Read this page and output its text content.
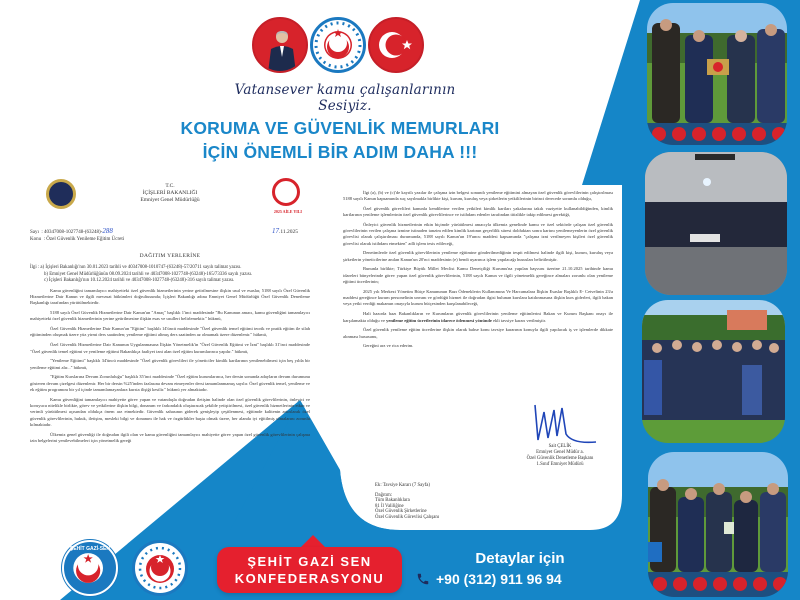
Vatansever kamu çalışanlarının Sesiyiz.
KORUMA VE GÜVENLİK MEMURLARI
İÇİN ÖNEMLİ BİR ADIM DAHA !!!
T.C.
İÇİŞLERİ BAKANLIĞI
Emniyet Genel Müdürlüğü
2025 AİLE YILI
Sayı : 40347008-1027748-(63248)-288
Konu : Özel Güvenlik Yenileme Eğitim Ücreti
17.11.2025
DAĞITIM YERLERİNE
İlgi : a) İçişleri Bakanlığı'nın 30.01.2023 tarihli ve 40347008-1010747-(63248)-57/20711 sayılı talimat yazısı.
b) Emniyet Genel Müdürlüğünün 08.09.2024 tarihli ve 40347008-1027748-(63248)-165/73336 sayılı yazısı.
c) İçişleri Bakanlığı'nın 10.12.2024 tarihli ve 40347008-1027748-(63248)-316 sayılı talimat yazısı.

Kamu güvenliğini tamamlayıcı mahiyetteki özel güvenlik hizmetlerinin yerine getirilmesine ilişkin usul ve esaslar, 5188 sayılı Özel Güvenlik Hizmetlerine Dair Kanun ve ilgili mevzuat hükümleri doğrultusunda; İçişleri Bakanlığı adına Emniyet Genel Müdürlüğü Özel Güvenlik Denetleme Başkanlığı tarafından yürütülmektedir.

5188 sayılı Özel Güvenlik Hizmetlerine Dair Kanun'un "Amaç" başlıklı 1'inci maddesinde "Bu Kanunun amacı, kamu güvenliğini tamamlayıcı mahiyetteki özel güvenlik hizmetlerinin yerine getirilmesine ilişkin esas ve usulleri belirlemektir." hükmü,

Özel Güvenlik Hizmetlerine Dair Kanun'un "Eğitim" başlıklı 14'üncü maddesinde "Özel güvenlik temel eğitimi teorik ve pratik eğitim ile silah eğitiminden oluşmak üzere yüz yirmi ders saatinden; yenileme eğitimi altmış ders saatinden az olmamak üzere düzenlenir." hükmü,

Özel Güvenlik Hizmetlerine Dair Kanunun Uygulanmasına İlişkin Yönetmelik'in "Özel Güvenlik Eğitimi ve İzni" başlıklı 31'inci maddesinde "Özel güvenlik temel eğitimi ve yenileme eğitimi Bakanlıkça faaliyet izni alan özel eğitim kurumlarınca yapılır." hükmü,

"Yenileme Eğitimi" başlıklı 34'üncü maddesinde "Özel güvenlik görevlileri ile yöneticiler kimlik kartlarının yenilenebilmesi için beş yılda bir yenileme eğitimi alır..." hükmü,

"Eğitim Kurslarına Devam Zorunluluğu" başlıklı 35'inci maddesinde "Özel eğitim kurumlarınca, her dersin sonunda adayların devam durumunu gösteren devam çizelgesi düzenlenir. Her bir dersin %25'inden fazlasına devam etmeyenler dersi tamamlanmamış sayılır. Özel güvenlik temel, yenileme ve ek eğitim programını bir yıl içinde tamamlamayanlara kursta ilişiği kesilir." hükmü yer almaktadır.

Kamu güvenliğini tamamlayıcı mahiyette görev yapan ve vatandaşla doğrudan iletişim halinde olan özel güvenlik görevlilerinin, önleyici ve koruyucu nitelikle birlikte, görev ve yetkilerine ilişkin bilgi, donanım ve farkındalık oluşturacak şekilde yetiştirilmesi, özel güvenlik hizmetlerinin etkin ve verimli yürütülmesi açısından oldukça önem arz etmektedir. Güvenlik sahasının giderek genişleyip çeşitlenmesi, eğitimde kalitenin artırılarak özel güvenlik görevlilerinin, hukuk, iletişim, mesleki bilgi ve donanım ile hak ve özgürlükler başta olmak üzere, her alanda iyi eğitilmiş olmalarını zorunlu kılmaktadır.

Ülkemiz genel güvenliği ile doğrudan ilgili olan ve kamu güvenliğini tamamlayıcı mahiyette görev yapan özel güvenlik görevlilerinin çalışma izin belgelerini yenilevebilmeleri için yönetmelik gereği

İlgi (a), (b) ve (c)'de kayıtlı yazılar ile çalışma izin belgesi sonundı yenileme eğitimini almayan özel güvenlik görevlilerinin çalıştırılması 5188 sayılı Kanun kapsamında suç sayılmakla birlikte kişi, kurum, kuruluş veya şirketlerin yetkililerinin birinci derecede sorumlu olduğu,

Özel güvenlik görevlileri kanunla kendilerine verilen yetkileri kimlik kartları yakalarına takılı vaziyette kullanabildiğinden, kimlik kartlarının yenileme işlemlerinin özel güvenlik görevlilerince ve istihdam edenler tarafından titizlikle takip edilmesi gerektiği,

Önleyici güvenlik hizmetlerinin etkin biçimde yürütülmesi amacıyla ülkemiz genelinde kamu ve özel sektörde çalışan özel güvenlik görevlilerinin verilen çalışma izmine istinaden tanzim edilen kimlik kartının geçerlilik süresi dolduktan sonra kartını yenilemeyenlerin özel güvenlik görevlisi olarak çalıştırılması durumunda, 5188 sayılı Kanun'un 19'uncu maddesi kapsamında "çalışma izni verilmeyen kişileri özel güvenlik görevlisi olarak istihdam etmekten" adli işlem tesis edileceği,

Denetimlerde özel güvenlik görevlilerinin yenileme eğitimine gönderilmediğinin tespit edilmesi halinde ilgili kişi, kurum, kuruluş veya şirketlerin yöneticilerine anılan Kanun'un 20'nci maddesinin (e) bendi uyarınca işlem yapılacağı hususları belirtilmiştir.

Bununla birlikte; Türkiye Büyük Millet Meclisi Kamu Denetçiliği Kurumu'na yapılan başvuru üzerine 21.10.2025 tarihinde kamu idareleri bünyelerinde görev yapan özel güvenlik görevlilerinin, 5188 sayılı Kanun ve ilgili yönetmelik gereğince almaları zorunlu olan yenileme eğitimi ücretlerinin;

2025 yılı Merkezi Yönetim Bütçe Kanununun Bazı Ödeneklerin Kullanımına Ve Harcamalara İlişkin Esaslar Başlıklı E- Cetvelinin 23/a maddesi gereğince kurum personelinin unvanı ve gördüğü hizmet ile doğrudan ilgisi bulunan kurslara katılınmasına ilişkin kurs giderleri, ilgili bakan veya yetki verdiği makamın onayıyla kurum bütçesinden karşılanabileceği,

Hali hazırda bazı Bakanlıkların ve Kurumların güvenlik görevlilerinin yenileme eğitimlerini Bakan ve Kurum Başkanı onayı ile karşılamakta olduğu ve yenileme eğitim ücretlerinin idarece ödenmesi yönünde ekli tavsiye kararı verilmiştir.

Özel güvenlik yenileme eğitim ücretlerine ilişkin olarak bahse konu tavsiye kararının konuyla ilgili yapılacak iş ve işlemlerde dikkate alınması hususunu,

Gereğini arz ve rica ederim.

Sait ÇELİK
Emniyet Genel Müdür a.
Özel Güvenlik Denetleme Başkanı
1.Sınıf Emniyet Müdürü
Ek: Tavsiye Kararı (7 Sayfa)
Dağıtım:
Tüm Bakanlıklara
81 İl Valiliğine
Özel Güvenlik Şirketlerine
Özel Güvenlik Görevlisi Çalışanı
ŞEHİT GAZİ-SEN
ŞEHİT GAZİ SEN
KONFEDERASYONU
Detaylar için
+90 (312) 911 96 94
